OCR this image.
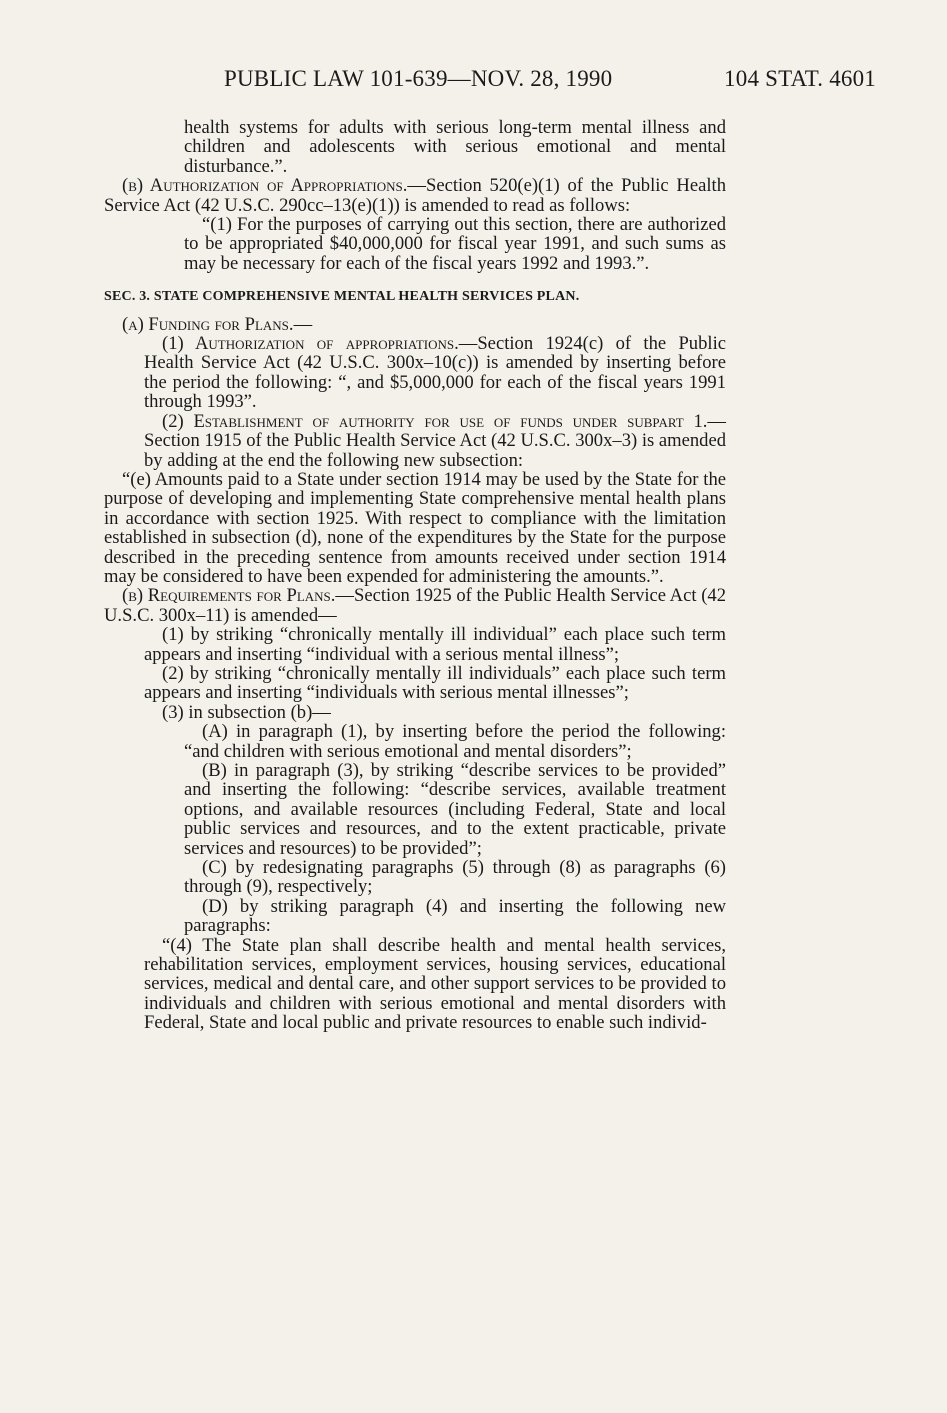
PUBLIC LAW 101-639—NOV. 28, 1990	104 STAT. 4601

health systems for adults with serious long-term mental illness and children and adolescents with serious emotional and mental disturbance.”.

(b) Authorization of Appropriations.—Section 520(e)(1) of the Public Health Service Act (42 U.S.C. 290cc–13(e)(1)) is amended to read as follows:

“(1) For the purposes of carrying out this section, there are authorized to be appropriated $40,000,000 for fiscal year 1991, and such sums as may be necessary for each of the fiscal years 1992 and 1993.”.

SEC. 3. STATE COMPREHENSIVE MENTAL HEALTH SERVICES PLAN.

(a) Funding for Plans.—

(1) Authorization of appropriations.—Section 1924(c) of the Public Health Service Act (42 U.S.C. 300x–10(c)) is amended by inserting before the period the following: “, and $5,000,000 for each of the fiscal years 1991 through 1993”.

(2) Establishment of authority for use of funds under subpart 1.—Section 1915 of the Public Health Service Act (42 U.S.C. 300x–3) is amended by adding at the end the following new subsection:

“(e) Amounts paid to a State under section 1914 may be used by the State for the purpose of developing and implementing State comprehensive mental health plans in accordance with section 1925. With respect to compliance with the limitation established in subsection (d), none of the expenditures by the State for the purpose described in the preceding sentence from amounts received under section 1914 may be considered to have been expended for administering the amounts.”.

(b) Requirements for Plans.—Section 1925 of the Public Health Service Act (42 U.S.C. 300x–11) is amended—

(1) by striking “chronically mentally ill individual” each place such term appears and inserting “individual with a serious mental illness”;

(2) by striking “chronically mentally ill individuals” each place such term appears and inserting “individuals with serious mental illnesses”;

(3) in subsection (b)—

(A) in paragraph (1), by inserting before the period the following: “and children with serious emotional and mental disorders”;

(B) in paragraph (3), by striking “describe services to be provided” and inserting the following: “describe services, available treatment options, and available resources (including Federal, State and local public services and resources, and to the extent practicable, private services and resources) to be provided”;

(C) by redesignating paragraphs (5) through (8) as paragraphs (6) through (9), respectively;

(D) by striking paragraph (4) and inserting the following new paragraphs:

“(4) The State plan shall describe health and mental health services, rehabilitation services, employment services, housing services, educational services, medical and dental care, and other support services to be provided to individuals and children with serious emotional and mental disorders with Federal, State and local public and private resources to enable such individ-
